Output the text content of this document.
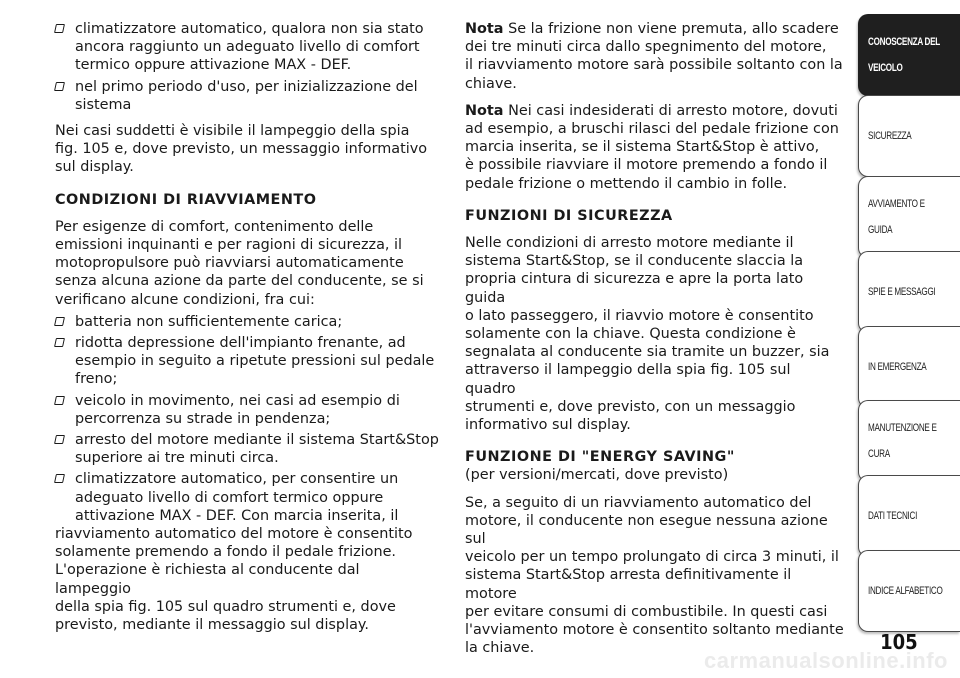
climatizzatore automatico, qualora non sia stato
ancora raggiunto un adeguato livello di comfort
termico oppure attivazione MAX - DEF.
nel primo periodo d'uso, per inizializzazione del
sistema

Nei casi suddetti è visibile il lampeggio della spia

fig. 105 e, dove previsto, un messaggio informativo

sul display.

CONDIZIONI DI RIAVVIAMENTO

Per esigenze di comfort, contenimento delle

emissioni inquinanti e per ragioni di sicurezza, il

motopropulsore può riavviarsi automaticamente

senza alcuna azione da parte del conducente, se si

verificano alcune condizioni, fra cui:

batteria non sufficientemente carica;
ridotta depressione dell'impianto frenante, ad
esempio in seguito a ripetute pressioni sul pedale
freno;
veicolo in movimento, nei casi ad esempio di
percorrenza su strade in pendenza;
arresto del motore mediante il sistema Start&Stop
superiore ai tre minuti circa.
climatizzatore automatico, per consentire un
adeguato livello di comfort termico oppure
attivazione MAX - DEF. Con marcia inserita, il

riavviamento automatico del motore è consentito

solamente premendo a fondo il pedale frizione.

L'operazione è richiesta al conducente dal lampeggio

della spia fig. 105 sul quadro strumenti e, dove

previsto, mediante il messaggio sul display.

Nota Se la frizione non viene premuta, allo scadere

dei tre minuti circa dallo spegnimento del motore,

il riavviamento motore sarà possibile soltanto con la

chiave.

Nota Nei casi indesiderati di arresto motore, dovuti

ad esempio, a bruschi rilasci del pedale frizione con

marcia inserita, se il sistema Start&Stop è attivo,

è possibile riavviare il motore premendo a fondo il

pedale frizione o mettendo il cambio in folle.

FUNZIONI DI SICUREZZA

Nelle condizioni di arresto motore mediante il

sistema Start&Stop, se il conducente slaccia la

propria cintura di sicurezza e apre la porta lato guida

o lato passeggero, il riavvio motore è consentito

solamente con la chiave. Questa condizione è

segnalata al conducente sia tramite un buzzer, sia

attraverso il lampeggio della spia fig. 105 sul quadro

strumenti e, dove previsto, con un messaggio

informativo sul display.

FUNZIONE DI "ENERGY SAVING"

(per versioni/mercati, dove previsto)

Se, a seguito di un riavviamento automatico del

motore, il conducente non esegue nessuna azione sul

veicolo per un tempo prolungato di circa 3 minuti, il

sistema Start&Stop arresta definitivamente il motore

per evitare consumi di combustibile. In questi casi

l'avviamento motore è consentito soltanto mediante

la chiave.

CONOSCENZA DEL

VEICOLO
SICUREZZA
AVVIAMENTO E

GUIDA
SPIE E MESSAGGI
IN EMERGENZA
MANUTENZIONE E

CURA
DATI TECNICI
INDICE ALFABETICO
105
carmanualsonline.info
